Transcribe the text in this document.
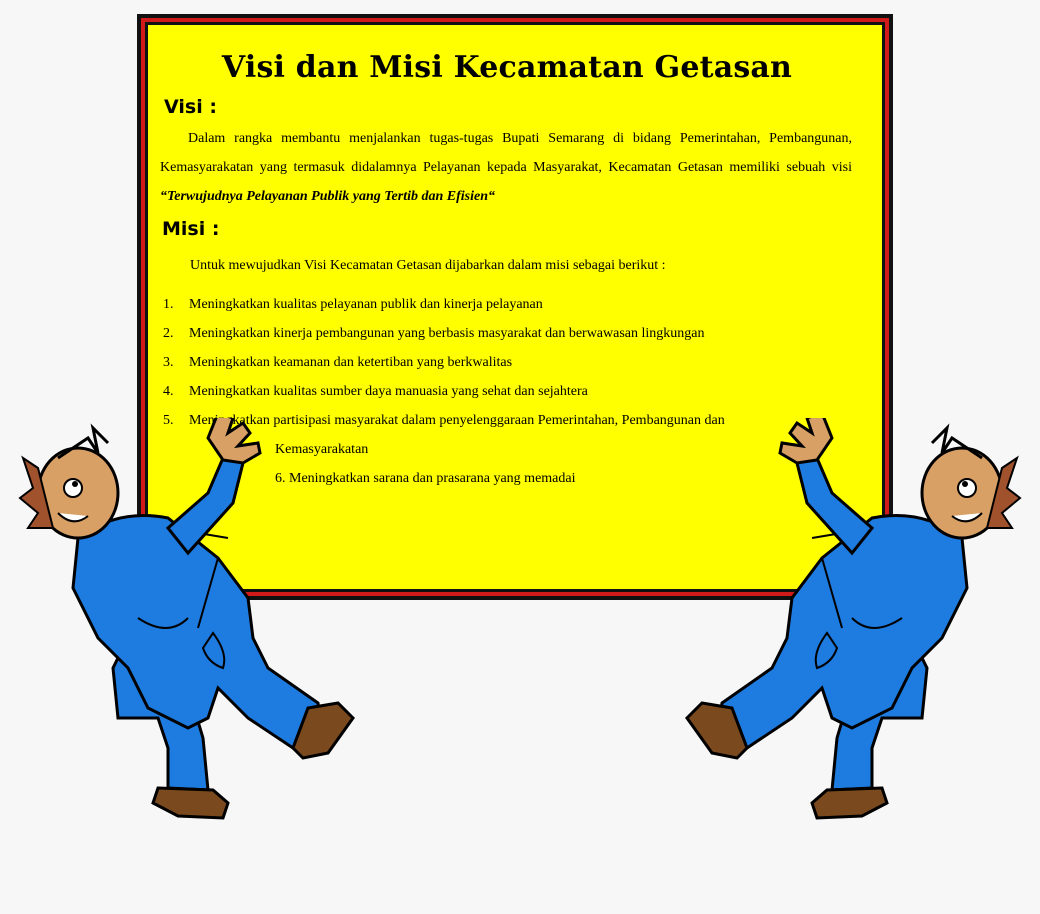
Visi dan Misi Kecamatan Getasan
Visi :
Dalam rangka membantu menjalankan tugas-tugas Bupati Semarang di bidang Pemerintahan, Pembangunan, Kemasyarakatan yang termasuk didalamnya Pelayanan kepada Masyarakat, Kecamatan Getasan memiliki sebuah visi “Terwujudnya Pelayanan Publik yang Tertib dan Efisien“
Misi :
Untuk mewujudkan Visi Kecamatan Getasan dijabarkan dalam misi sebagai berikut :
1. Meningkatkan kualitas pelayanan publik dan kinerja pelayanan
2. Meningkatkan kinerja pembangunan yang berbasis masyarakat dan berwawasan lingkungan
3. Meningkatkan keamanan dan ketertiban yang berkwalitas
4. Meningkatkan kualitas sumber daya manuasia yang sehat dan sejahtera
5. Meningkatkan partisipasi masyarakat dalam penyelenggaraan Pemerintahan, Pembangunan dan
Kemasyarakatan
6. Meningkatkan sarana dan prasarana yang memadai
